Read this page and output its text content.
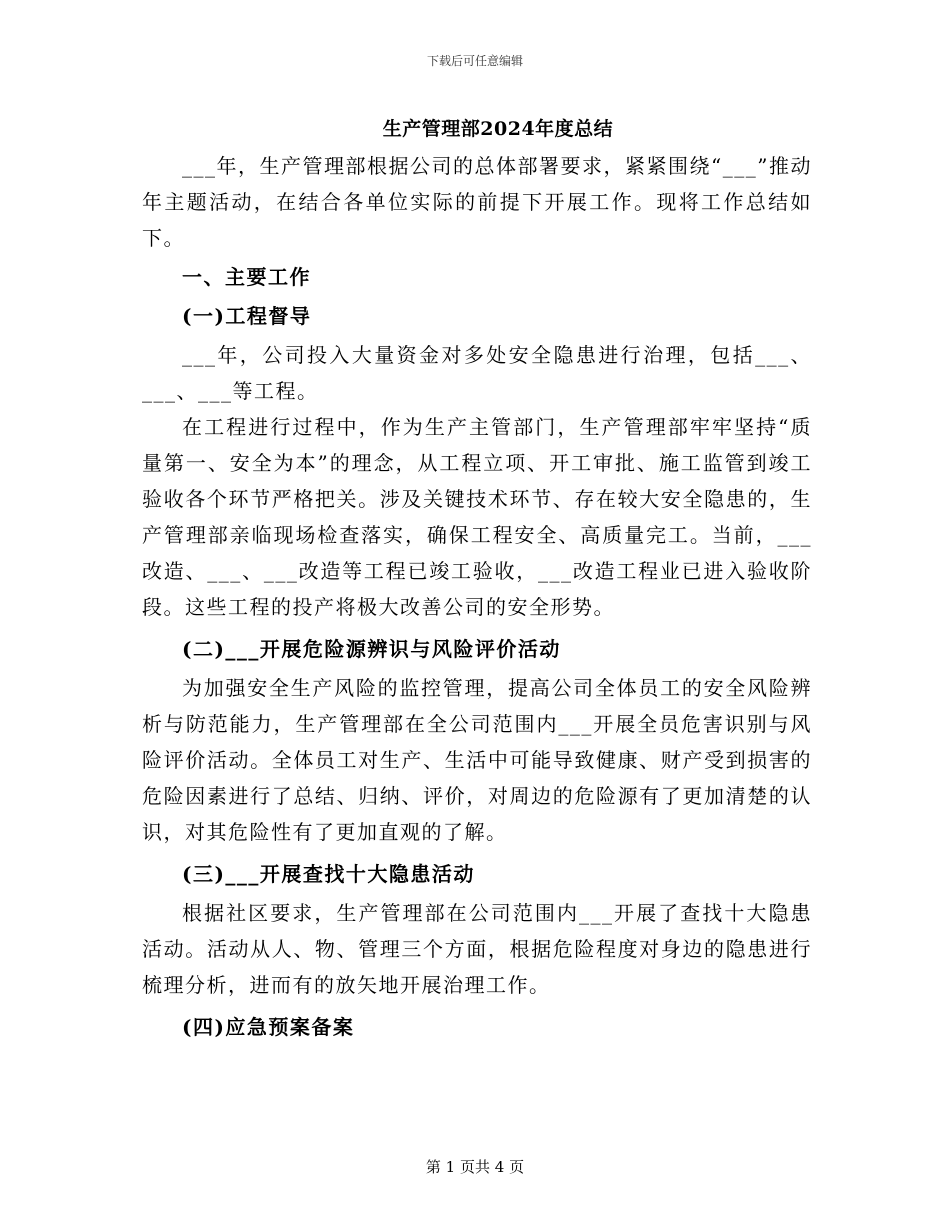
下载后可任意编辑
生产管理部2024年度总结

___年，生产管理部根据公司的总体部署要求，紧紧围绕“___”推动年主题活动，在结合各单位实际的前提下开展工作。现将工作总结如下。

一、主要工作

(一)工程督导

___年，公司投入大量资金对多处安全隐患进行治理，包括___、___、___等工程。

在工程进行过程中，作为生产主管部门，生产管理部牢牢坚持“质量第一、安全为本”的理念，从工程立项、开工审批、施工监管到竣工验收各个环节严格把关。涉及关键技术环节、存在较大安全隐患的，生产管理部亲临现场检查落实，确保工程安全、高质量完工。当前，___改造、___、___改造等工程已竣工验收，___改造工程业已进入验收阶段。这些工程的投产将极大改善公司的安全形势。

(二)___开展危险源辨识与风险评价活动

为加强安全生产风险的监控管理，提高公司全体员工的安全风险辨析与防范能力，生产管理部在全公司范围内___开展全员危害识别与风险评价活动。全体员工对生产、生活中可能导致健康、财产受到损害的危险因素进行了总结、归纳、评价，对周边的危险源有了更加清楚的认识，对其危险性有了更加直观的了解。

(三)___开展查找十大隐患活动

根据社区要求，生产管理部在公司范围内___开展了查找十大隐患活动。活动从人、物、管理三个方面，根据危险程度对身边的隐患进行梳理分析，进而有的放矢地开展治理工作。

(四)应急预案备案

第 1 页共 4 页
